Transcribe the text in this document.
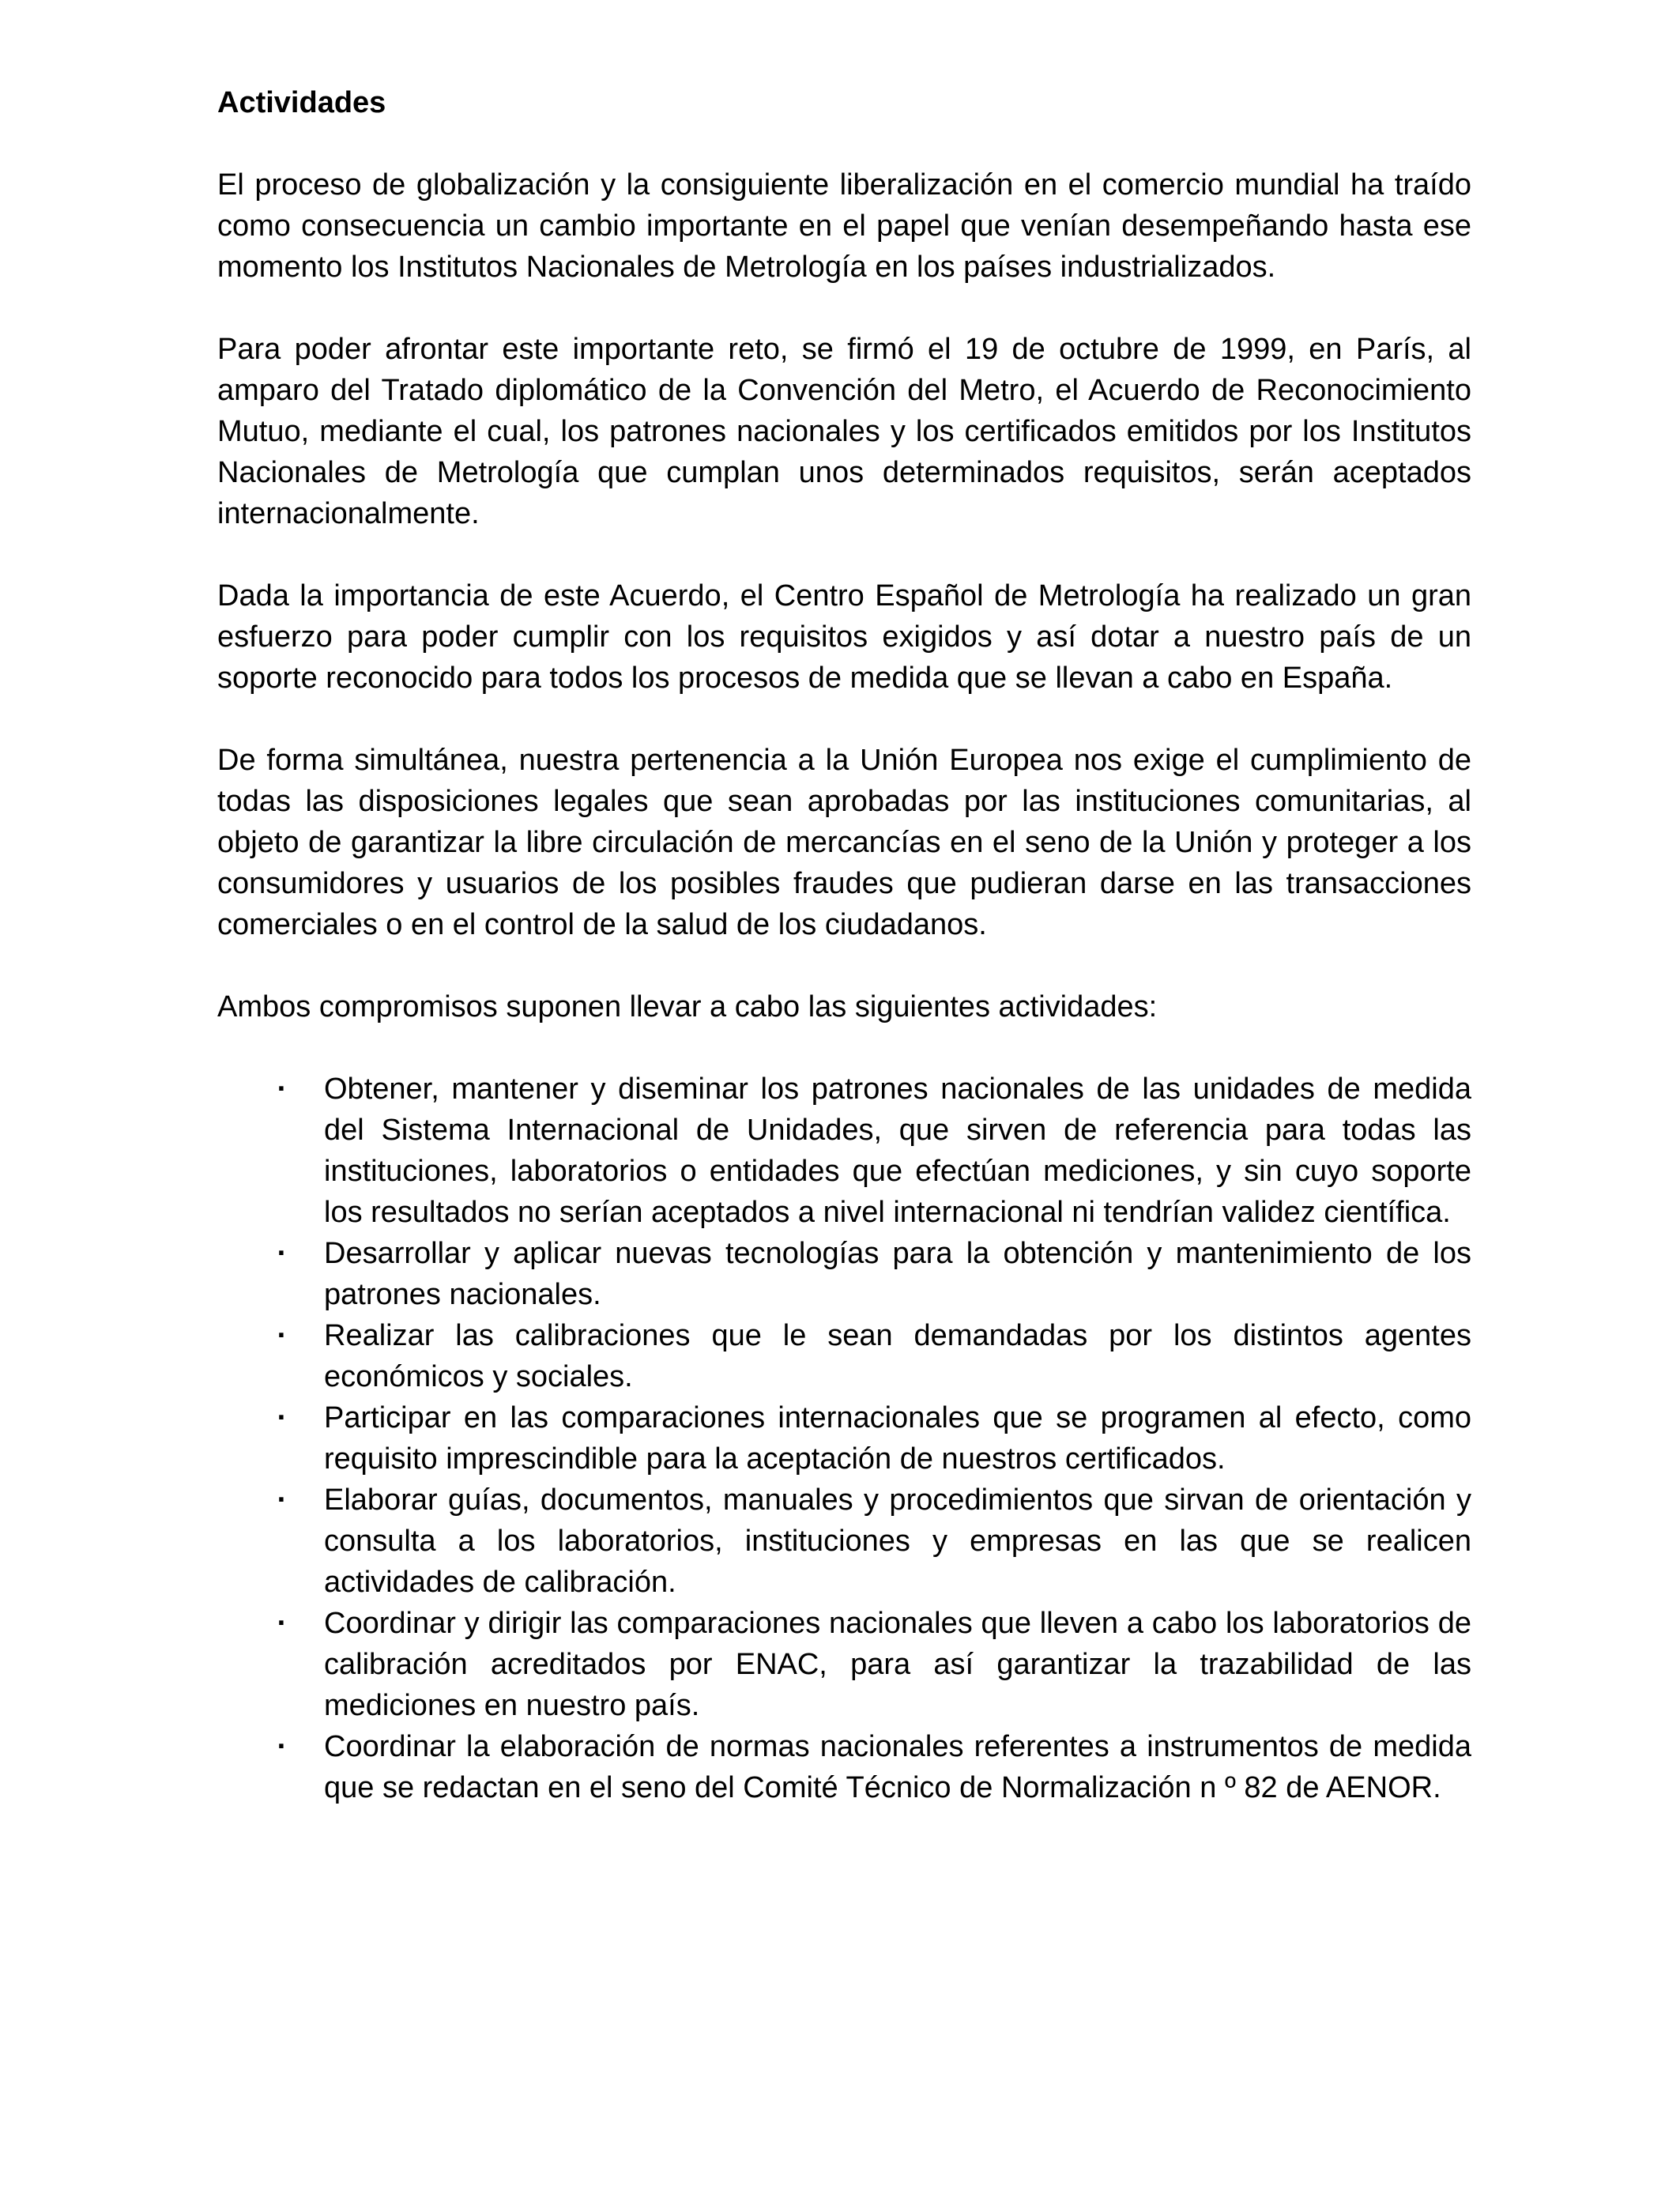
Actividades

El proceso de globalización y la consiguiente liberalización en el comercio mundial ha traído como consecuencia un cambio importante en el papel que venían desempeñando hasta ese momento los Institutos Nacionales de Metrología en los países industrializados.

Para poder afrontar este importante reto, se firmó el 19 de octubre de 1999, en París, al amparo del Tratado diplomático de la Convención del Metro, el Acuerdo de Reconocimiento Mutuo, mediante el cual, los patrones nacionales y los certificados emitidos por los Institutos Nacionales de Metrología que cumplan unos determinados requisitos, serán aceptados internacionalmente.

Dada la importancia de este Acuerdo, el Centro Español de Metrología ha realizado un gran esfuerzo para poder cumplir con los requisitos exigidos y así dotar a nuestro país de un soporte reconocido para todos los procesos de medida que se llevan a cabo en España.

De forma simultánea, nuestra pertenencia a la Unión Europea nos exige el cumplimiento de todas las disposiciones legales que sean aprobadas por las instituciones comunitarias, al objeto de garantizar la libre circulación de mercancías en el seno de la Unión y proteger a los consumidores y usuarios de los posibles fraudes que pudieran darse en las transacciones comerciales o en el control de la salud de los ciudadanos.

Ambos compromisos suponen llevar a cabo las siguientes actividades:

· Obtener, mantener y diseminar los patrones nacionales de las unidades de medida del Sistema Internacional de Unidades, que sirven de referencia para todas las instituciones, laboratorios o entidades que efectúan mediciones, y sin cuyo soporte los resultados no serían aceptados a nivel internacional ni tendrían validez científica.
· Desarrollar y aplicar nuevas tecnologías para la obtención y mantenimiento de los patrones nacionales.
· Realizar las calibraciones que le sean demandadas por los distintos agentes económicos y sociales.
· Participar en las comparaciones internacionales que se programen al efecto, como requisito imprescindible para la aceptación de nuestros certificados.
· Elaborar guías, documentos, manuales y procedimientos que sirvan de orientación y consulta a los laboratorios, instituciones y empresas en las que se realicen actividades de calibración.
· Coordinar y dirigir las comparaciones nacionales que lleven a cabo los laboratorios de calibración acreditados por ENAC, para así garantizar la trazabilidad de las mediciones en nuestro país.
· Coordinar la elaboración de normas nacionales referentes a instrumentos de medida que se redactan en el seno del Comité Técnico de Normalización n º 82 de AENOR.
